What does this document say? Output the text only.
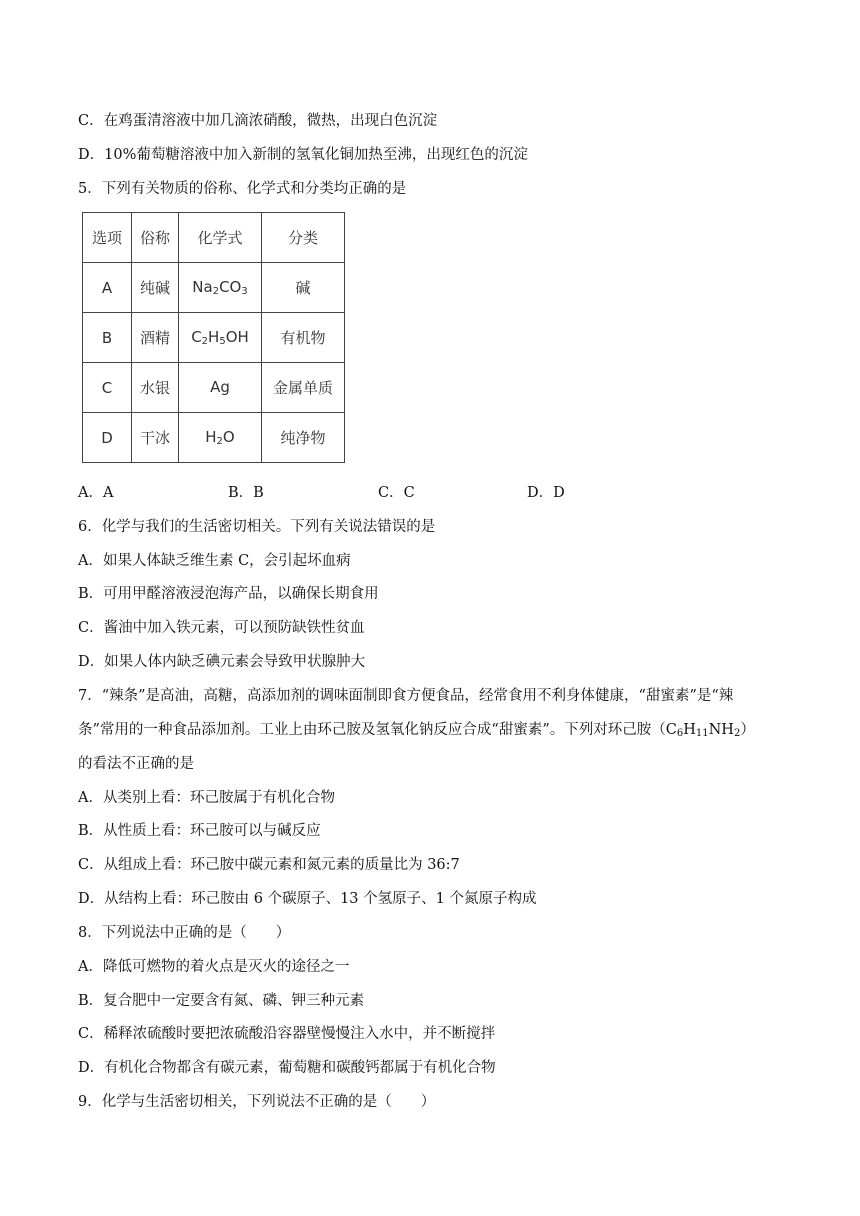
C．在鸡蛋清溶液中加几滴浓硝酸，微热，出现白色沉淀
D．10%葡萄糖溶液中加入新制的氢氧化铜加热至沸，出现红色的沉淀
5．下列有关物质的俗称、化学式和分类均正确的是
选项	俗称	化学式	分类
A	纯碱	$Na_2CO_3$	碱
B	酒精	$C_2H_5OH$	有机物
C	水银	Ag	金属单质
D	干冰	$H_2O$	纯净物
A．A	B．B	C．C	D．D
6．化学与我们的生活密切相关。下列有关说法错误的是
A．如果人体缺乏维生素 C，会引起坏血病
B．可用甲醛溶液浸泡海产品，以确保长期食用
C．酱油中加入铁元素，可以预防缺铁性贫血
D．如果人体内缺乏碘元素会导致甲状腺肿大
7．“辣条”是高油，高糖，高添加剂的调味面制即食方便食品，经常食用不利身体健康，“甜蜜素”是“辣
条”常用的一种食品添加剂。工业上由环己胺及氢氧化钠反应合成“甜蜜素”。下列对环己胺$(C_6H_{11}NH_2)$
的看法不正确的是
A．从类别上看：环己胺属于有机化合物
B．从性质上看：环己胺可以与碱反应
C．从组成上看：环己胺中碳元素和氮元素的质量比为 36:7
D．从结构上看：环己胺由 6 个碳原子、13 个氢原子、1 个氮原子构成
8．下列说法中正确的是（　　）
A．降低可燃物的着火点是灭火的途径之一
B．复合肥中一定要含有氮、磷、钾三种元素
C．稀释浓硫酸时要把浓硫酸沿容器壁慢慢注入水中，并不断搅拌
D．有机化合物都含有碳元素，葡萄糖和碳酸钙都属于有机化合物
9．化学与生活密切相关，下列说法不正确的是（　　）
